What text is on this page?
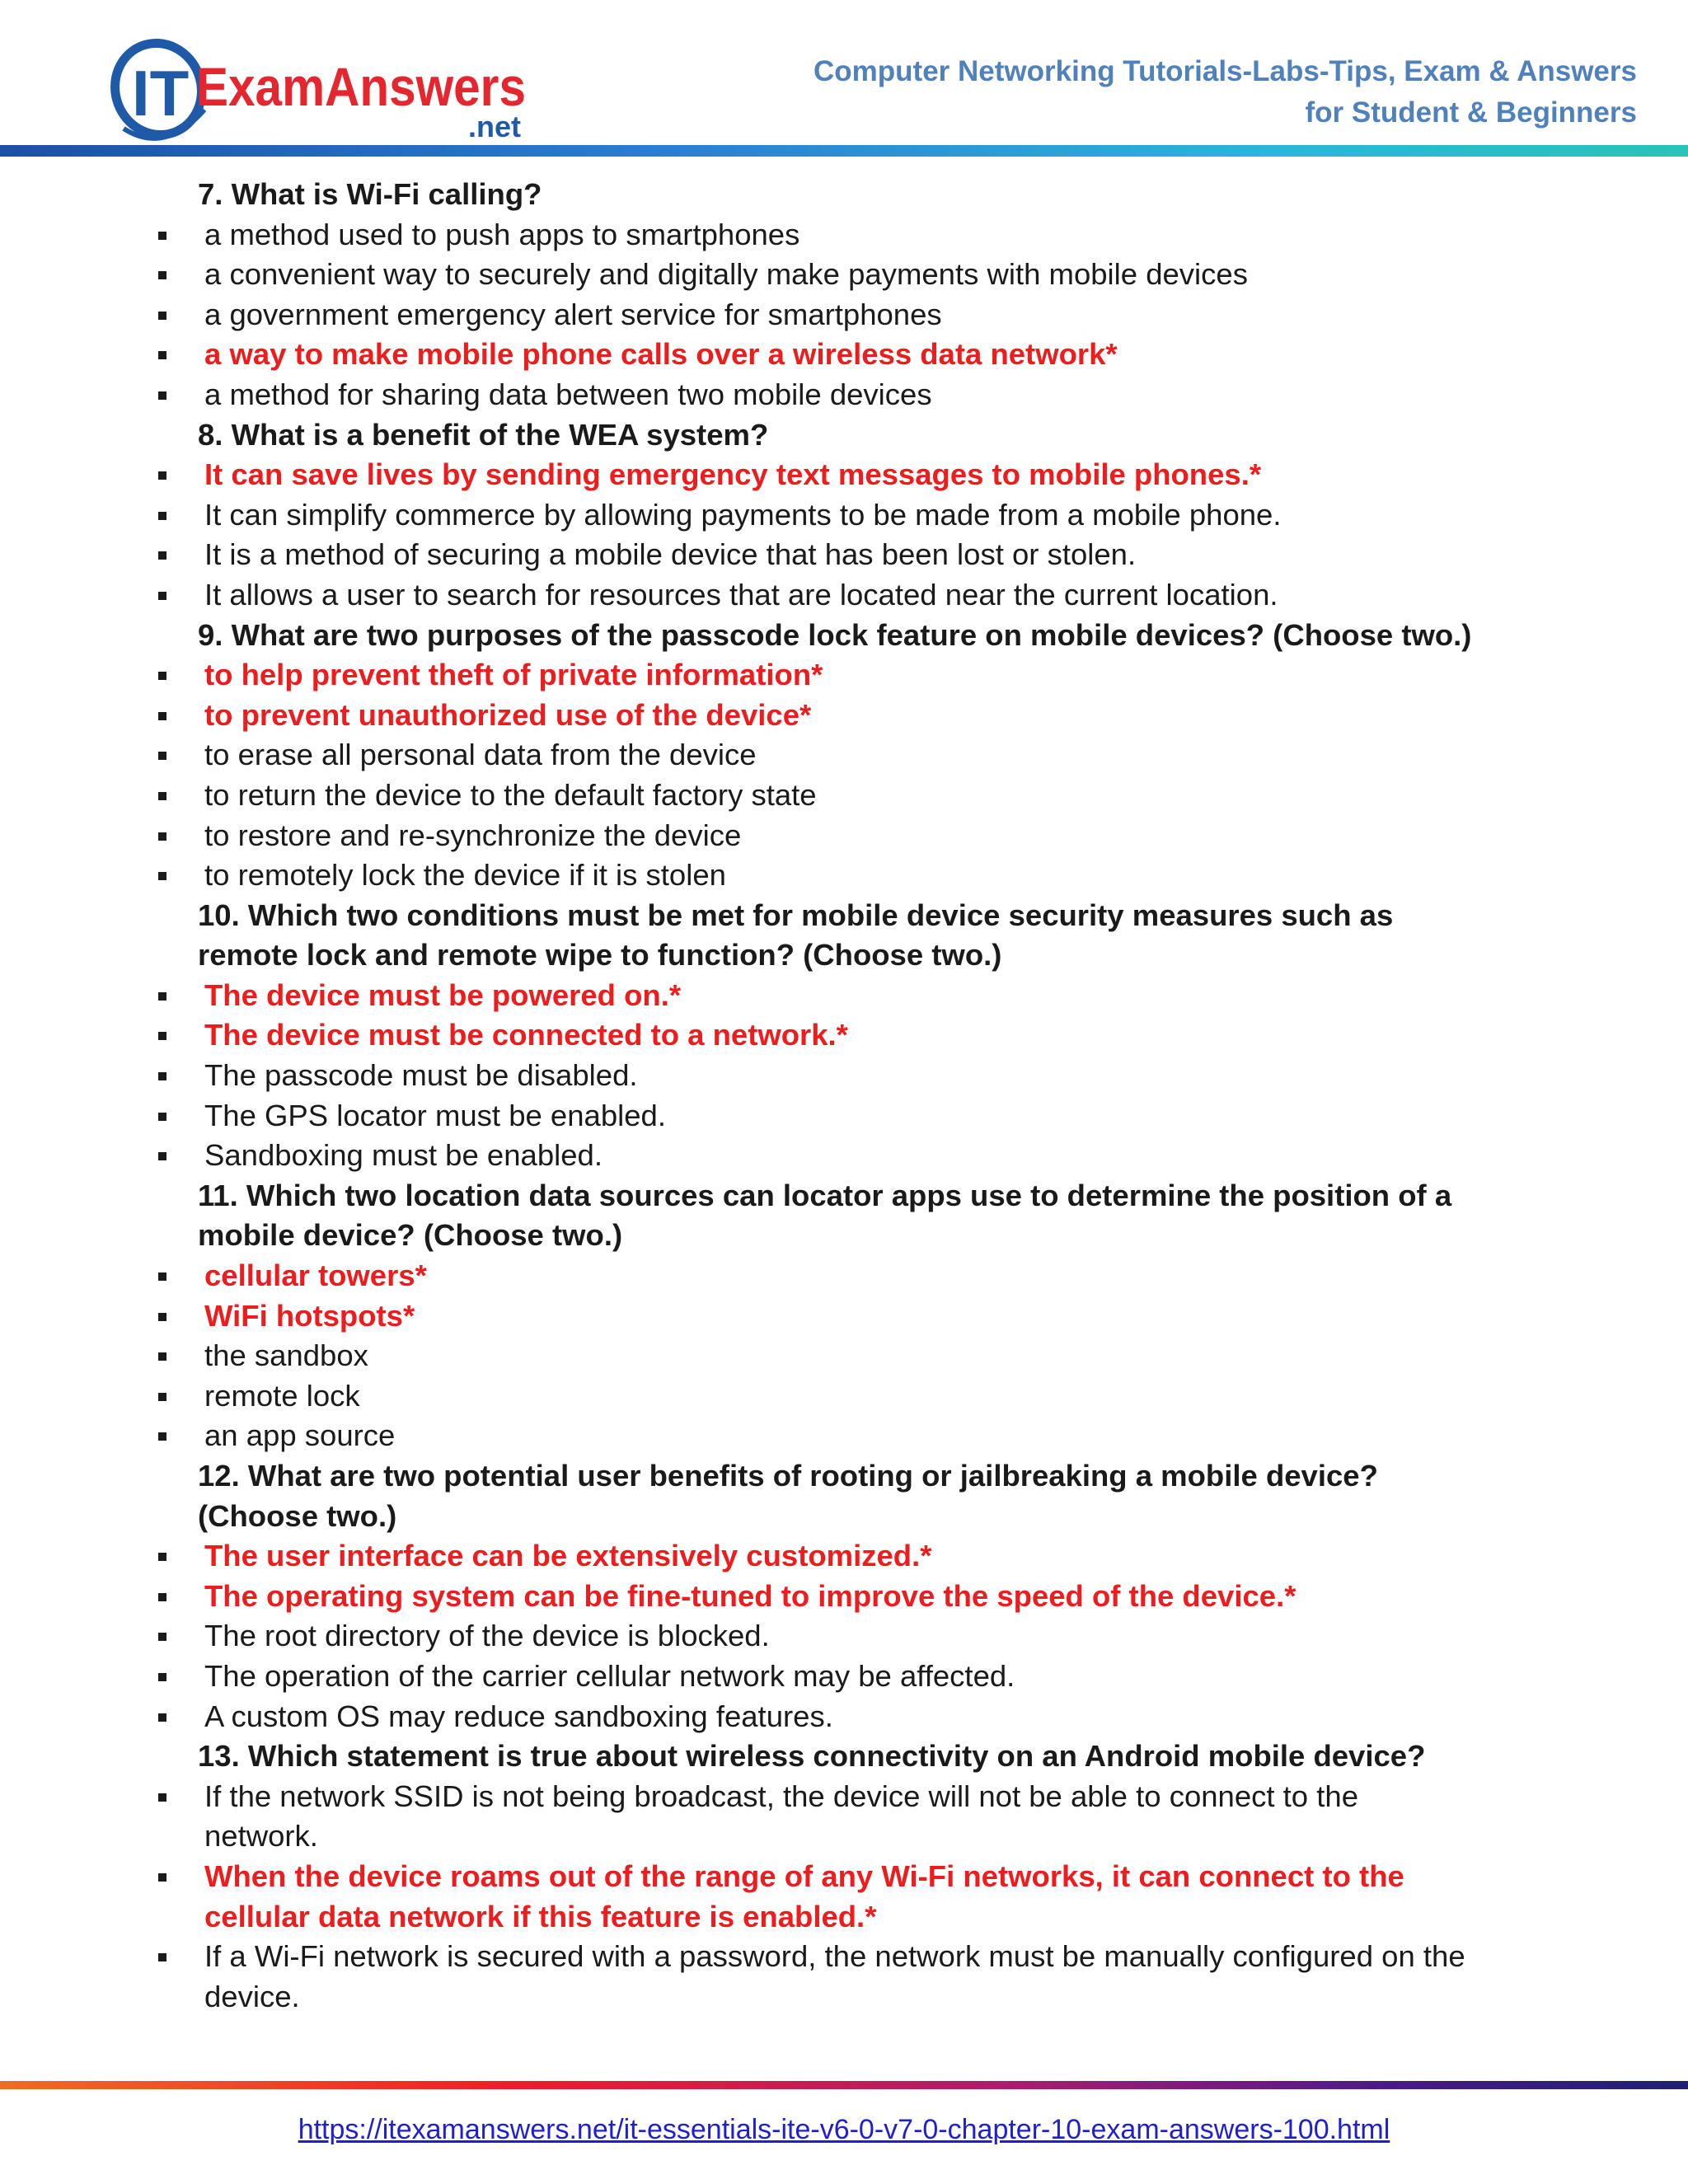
IT ExamAnswers
.net
Computer Networking Tutorials-Labs-Tips, Exam & Answers
for Student & Beginners
7. What is Wi-Fi calling?
a method used to push apps to smartphones
a convenient way to securely and digitally make payments with mobile devices
a government emergency alert service for smartphones
a way to make mobile phone calls over a wireless data network*
a method for sharing data between two mobile devices
8. What is a benefit of the WEA system?
It can save lives by sending emergency text messages to mobile phones.*
It can simplify commerce by allowing payments to be made from a mobile phone.
It is a method of securing a mobile device that has been lost or stolen.
It allows a user to search for resources that are located near the current location.
9. What are two purposes of the passcode lock feature on mobile devices? (Choose two.)
to help prevent theft of private information*
to prevent unauthorized use of the device*
to erase all personal data from the device
to return the device to the default factory state
to restore and re-synchronize the device
to remotely lock the device if it is stolen
10. Which two conditions must be met for mobile device security measures such as remote lock and remote wipe to function? (Choose two.)
The device must be powered on.*
The device must be connected to a network.*
The passcode must be disabled.
The GPS locator must be enabled.
Sandboxing must be enabled.
11. Which two location data sources can locator apps use to determine the position of a mobile device? (Choose two.)
cellular towers*
WiFi hotspots*
the sandbox
remote lock
an app source
12. What are two potential user benefits of rooting or jailbreaking a mobile device? (Choose two.)
The user interface can be extensively customized.*
The operating system can be fine-tuned to improve the speed of the device.*
The root directory of the device is blocked.
The operation of the carrier cellular network may be affected.
A custom OS may reduce sandboxing features.
13. Which statement is true about wireless connectivity on an Android mobile device?
If the network SSID is not being broadcast, the device will not be able to connect to the network.
When the device roams out of the range of any Wi-Fi networks, it can connect to the cellular data network if this feature is enabled.*
If a Wi-Fi network is secured with a password, the network must be manually configured on the device.
https://itexamanswers.net/it-essentials-ite-v6-0-v7-0-chapter-10-exam-answers-100.html
